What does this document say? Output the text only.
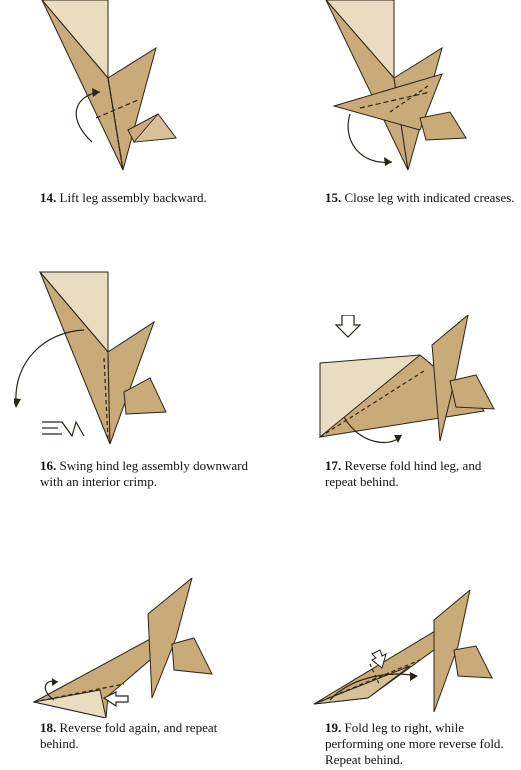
14. Lift leg assembly backward.	15. Close leg with indicated creases.
16. Swing hind leg assembly downward with an interior crimp.
17. Reverse fold hind leg, and repeat behind.
18. Reverse fold again, and repeat behind.
19. Fold leg to right, while performing one more reverse fold. Repeat behind.
